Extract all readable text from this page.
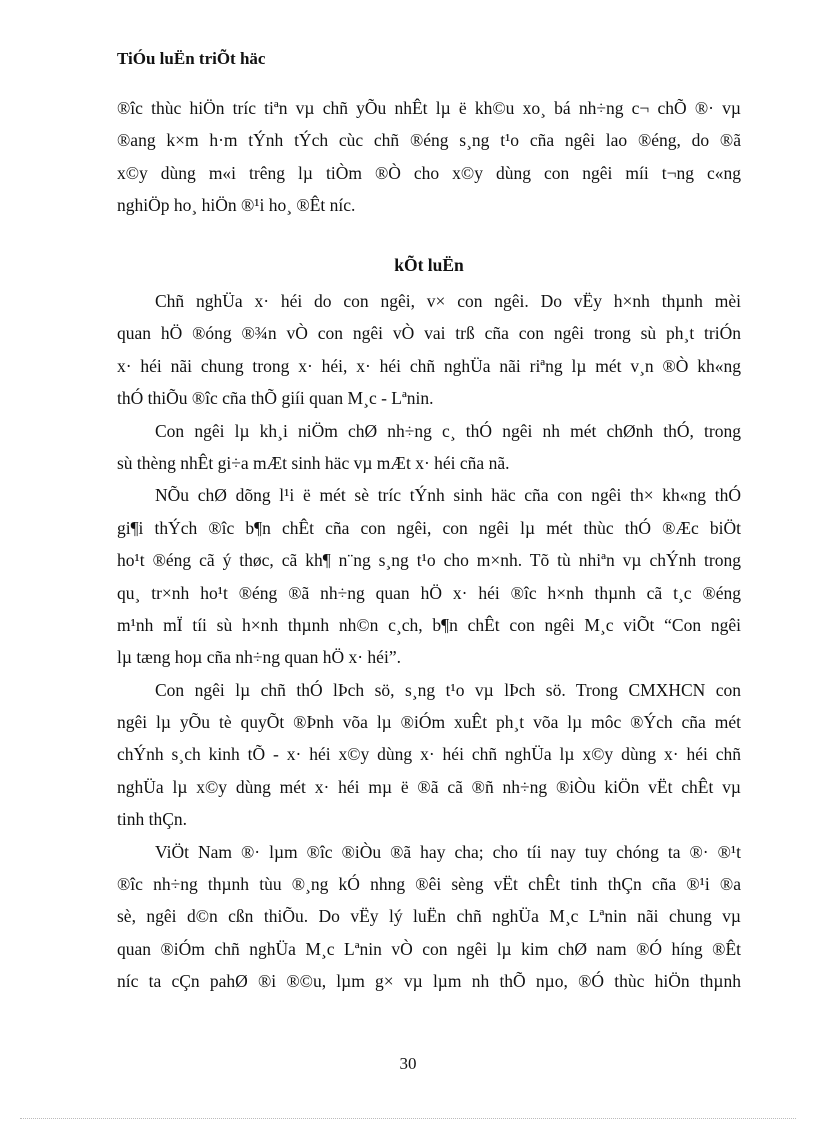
TiÓu luËn triÕt häc
®îc thùc hiÖn tríc tiªn vµ chñ yÕu nhÊt lµ ë kh©u xo¸ bá nh÷ng c¬ chÕ ®· vµ
®ang k×m h·m tÝnh tÝch cùc chñ ®éng s¸ng t¹o cña ngêi lao ®éng, do ®ã
x©y dùng m«i trêng lµ tiÒm ®Ò cho x©y dùng con ngêi míi t¬ng c«ng
nghiÖp ho¸ hiÖn ®¹i ho¸ ®Êt níc.
kÕt luËn
Chñ nghÜa x· héi do con ngêi, v× con ngêi. Do vËy h×nh thµnh mèi
quan hÖ ®óng ®¾n vÒ con ngêi vÒ vai trß cña con ngêi trong sù ph¸t triÓn
x· héi nãi chung trong x· héi, x· héi chñ nghÜa nãi riªng lµ mét v¸n ®Ò kh«ng
thÓ thiÕu ®îc cña thÕ giíi quan M¸c - Lªnin.
Con ngêi lµ kh¸i niÖm chØ nh÷ng c¸ thÓ ngêi nh mét chØnh thÓ, trong
sù thèng nhÊt gi÷a mÆt sinh häc vµ mÆt x· héi cña nã.
NÕu chØ dõng l¹i ë mét sè tríc tÝnh sinh häc cña con ngêi th× kh«ng thÓ
gi¶i thÝch ®îc b¶n chÊt cña con ngêi, con ngêi lµ mét thùc thÓ ®Æc biÖt
ho¹t ®éng cã ý thøc, cã kh¶ n¨ng s¸ng t¹o cho m×nh. Tõ tù nhiªn vµ chÝnh trong
qu¸ tr×nh ho¹t ®éng ®ã nh÷ng quan hÖ x· héi ®îc h×nh thµnh cã t¸c ®éng
m¹nh mÏ tíi sù h×nh thµnh nh©n c¸ch, b¶n chÊt con ngêi M¸c viÕt “Con ngêi
lµ tæng hoµ cña nh÷ng quan hÖ x· héi”.
Con ngêi lµ chñ thÓ lÞch sö, s¸ng t¹o vµ lÞch sö. Trong CMXHCN con
ngêi lµ yÕu tè quyÕt ®Þnh võa lµ ®iÓm xuÊt ph¸t võa lµ môc ®Ých cña mét
chÝnh s¸ch kinh tÕ - x· héi x©y dùng x· héi chñ nghÜa lµ x©y dùng x· héi chñ
nghÜa lµ x©y dùng mét x· héi mµ ë ®ã cã ®ñ nh÷ng ®iÒu kiÖn vËt chÊt vµ
tinh thÇn.
ViÖt Nam ®· lµm ®îc ®iÒu ®ã hay cha; cho tíi nay tuy chóng ta ®· ®¹t
®îc nh÷ng thµnh tùu ®¸ng kÓ nhng ®êi sèng vËt chÊt tinh thÇn cña ®¹i ®a
sè, ngêi d©n cßn thiÕu. Do vËy lý luËn chñ nghÜa M¸c Lªnin nãi chung vµ
quan ®iÓm chñ nghÜa M¸c Lªnin vÒ con ngêi lµ kim chØ nam ®Ó híng ®Êt
níc ta cÇn pahØ ®i ®©u, lµm g× vµ lµm nh thÕ nµo, ®Ó thùc hiÖn thµnh
30
